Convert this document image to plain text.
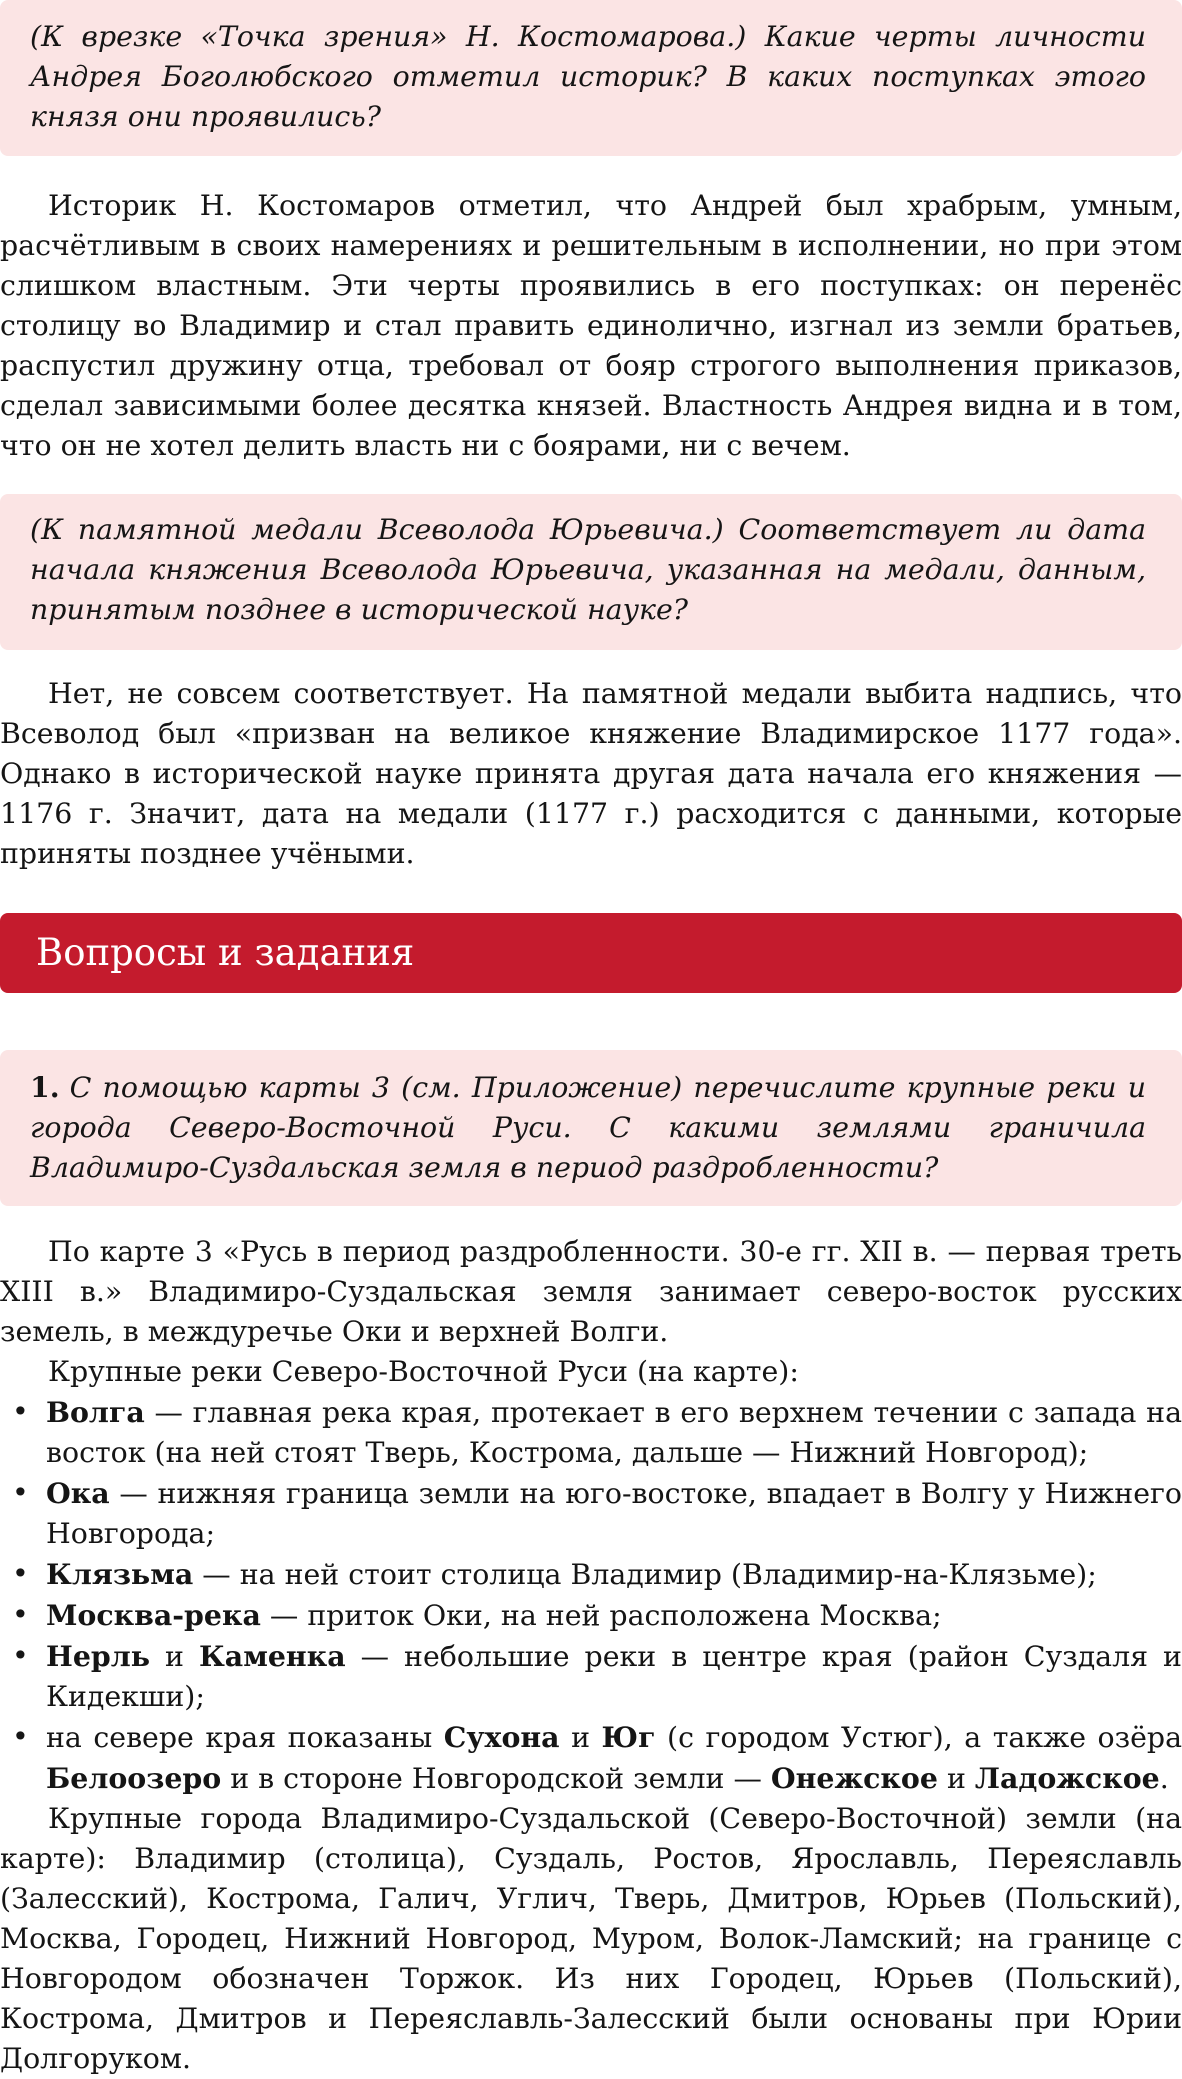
(К врезке «Точка зрения» Н. Костомарова.) Какие черты личности Андрея Боголюбского отметил историк? В каких поступках этого князя они проявились?

Историк Н. Костомаров отметил, что Андрей был храбрым, умным, расчётливым в своих намерениях и решительным в исполнении, но при этом слишком властным. Эти черты проявились в его поступках: он перенёс столицу во Владимир и стал править единолично, изгнал из земли братьев, распустил дружину отца, требовал от бояр строгого выполнения приказов, сделал зависимыми более десятка князей. Властность Андрея видна и в том, что он не хотел делить власть ни с боярами, ни с вечем.

(К памятной медали Всеволода Юрьевича.) Соответствует ли дата начала княжения Всеволода Юрьевича, указанная на медали, данным, принятым позднее в исторической науке?

Нет, не совсем соответствует. На памятной медали выбита надпись, что Всеволод был «призван на великое княжение Владимирское 1177 года». Однако в исторической науке принята другая дата начала его княжения — 1176 г. Значит, дата на медали (1177 г.) расходится с данными, которые приняты позднее учёными.

Вопросы и задания

1. С помощью карты 3 (см. Приложение) перечислите крупные реки и города Северо-Восточной Руси. С какими землями граничила Владимиро-Суздальская земля в период раздробленности?

По карте 3 «Русь в период раздробленности. 30-е гг. XII в. — первая треть XIII в.» Владимиро-Суздальская земля занимает северо-восток русских земель, в междуречье Оки и верхней Волги.

Крупные реки Северо-Восточной Руси (на карте):

• Волга — главная река края, протекает в его верхнем течении с запада на восток (на ней стоят Тверь, Кострома, дальше — Нижний Новгород);
• Ока — нижняя граница земли на юго-востоке, впадает в Волгу у Нижнего Новгорода;
• Клязьма — на ней стоит столица Владимир (Владимир-на-Клязьме);
• Москва-река — приток Оки, на ней расположена Москва;
• Нерль и Каменка — небольшие реки в центре края (район Суздаля и Кидекши);
• на севере края показаны Сухона и Юг (с городом Устюг), а также озёра Белоозеро и в стороне Новгородской земли — Онежское и Ладожское.

Крупные города Владимиро-Суздальской (Северо-Восточной) земли (на карте): Владимир (столица), Суздаль, Ростов, Ярославль, Переяславль (Залесский), Кострома, Галич, Углич, Тверь, Дмитров, Юрьев (Польский), Москва, Городец, Нижний Новгород, Муром, Волок-Ламский; на границе с Новгородом обозначен Торжок. Из них Городец, Юрьев (Польский), Кострома, Дмитров и Переяславль-Залесский были основаны при Юрии Долгоруком.
